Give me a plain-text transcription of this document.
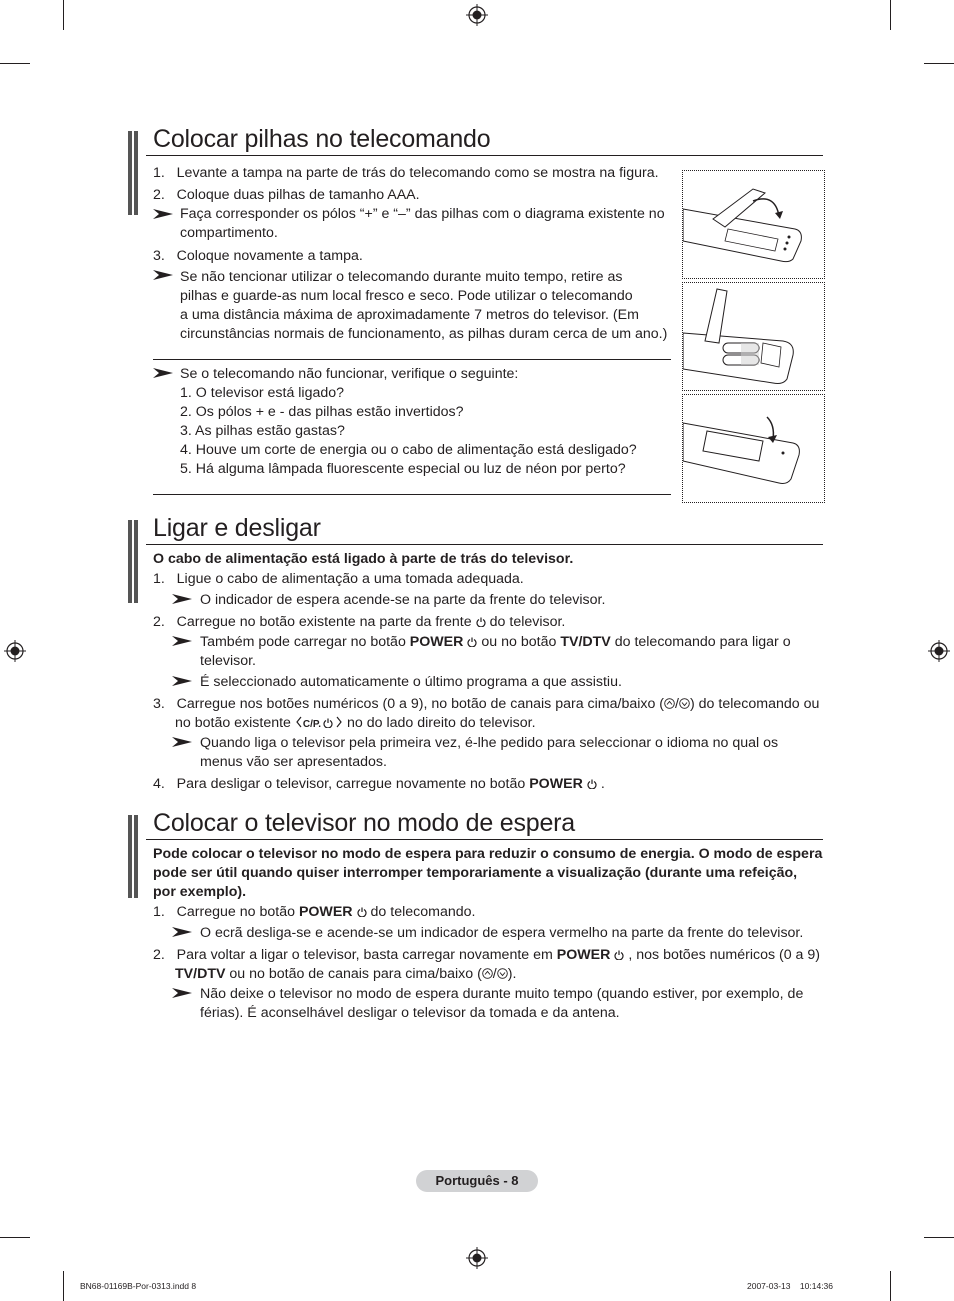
Colocar pilhas no telecomando
1.   Levante a tampa na parte de trás do telecomando como se mostra na figura.
2.   Coloque duas pilhas de tamanho AAA.
Faça corresponder os pólos “+” e “–” das pilhas com o diagrama existente no
compartimento.
3.   Coloque novamente a tampa.
Se não tencionar utilizar o telecomando durante muito tempo, retire as
pilhas e guarde-as num local fresco e seco. Pode utilizar o telecomando
a uma distância máxima de aproximadamente 7 metros do televisor. (Em
circunstâncias normais de funcionamento, as pilhas duram cerca de um ano.)
Se o telecomando não funcionar, verifique o seguinte:
1. O televisor está ligado?
2. Os pólos + e - das pilhas estão invertidos?
3. As pilhas estão gastas?
4. Houve um corte de energia ou o cabo de alimentação está desligado?
5. Há alguma lâmpada fluorescente especial ou luz de néon por perto?
Ligar e desligar
O cabo de alimentação está ligado à parte de trás do televisor.
1.   Ligue o cabo de alimentação a uma tomada adequada.
O indicador de espera acende-se na parte da frente do televisor.
2.   Carregue no botão existente na parte da frente do televisor.
Também pode carregar no botão POWER ou no botão TV/DTV do telecomando para ligar o
televisor.
É seleccionado automaticamente o último programa a que assistiu.
3.   Carregue nos botões numéricos (0 a 9), no botão de canais para cima/baixo ( / ) do telecomando ou
no botão existente C/P. no do lado direito do televisor.
Quando liga o televisor pela primeira vez, é-lhe pedido para seleccionar o idioma no qual os
menus vão ser apresentados.
4.   Para desligar o televisor, carregue novamente no botão POWER .
Colocar o televisor no modo de espera
Pode colocar o televisor no modo de espera para reduzir o consumo de energia. O modo de espera
pode ser útil quando quiser interromper temporariamente a visualização (durante uma refeição,
por exemplo).
1.   Carregue no botão POWER do telecomando.
O ecrã desliga-se e acende-se um indicador de espera vermelho na parte da frente do televisor.
2.   Para voltar a ligar o televisor, basta carregar novamente em POWER , nos botões numéricos (0 a 9)
TV/DTV ou no botão de canais para cima/baixo ( / ).
Não deixe o televisor no modo de espera durante muito tempo (quando estiver, por exemplo, de
férias). É aconselhável desligar o televisor da tomada e da antena.
Português - 8
BN68-01169B-Por-0313.indd 8	2007-03-13    10:14:36
